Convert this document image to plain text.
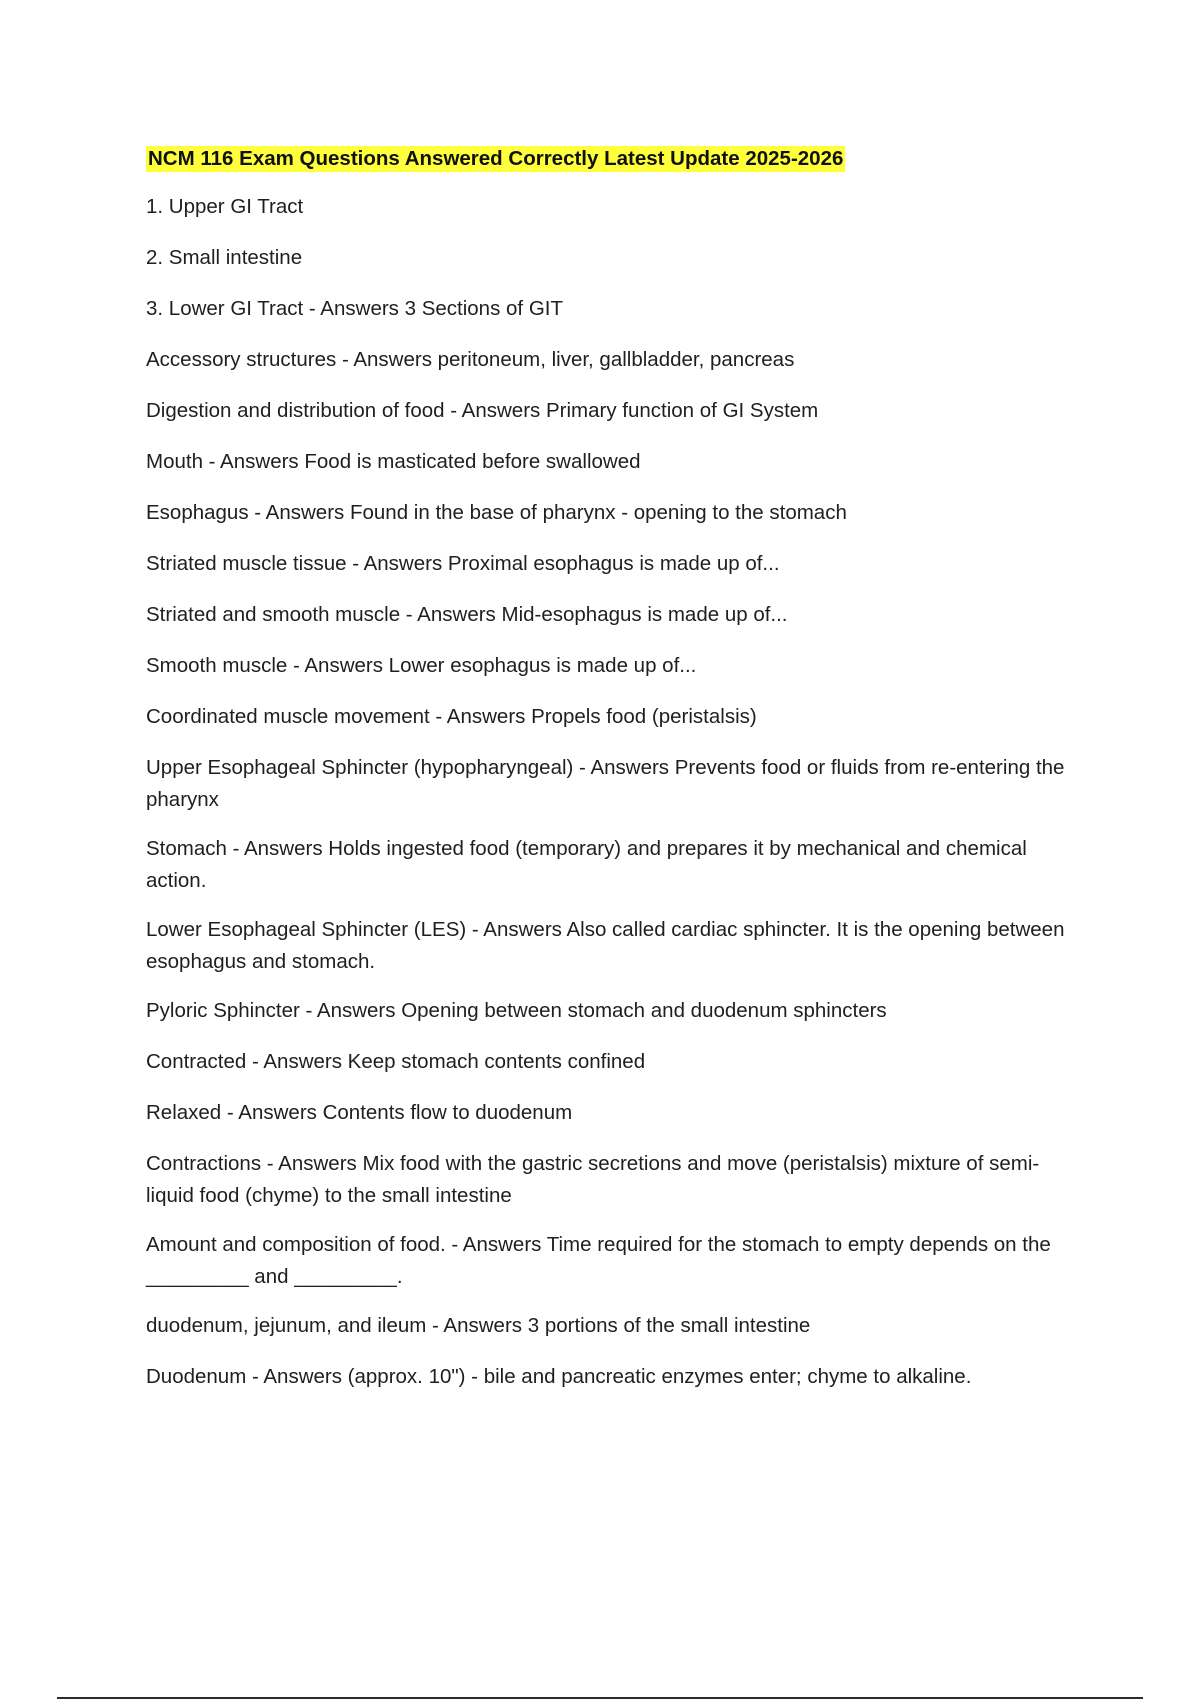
NCM 116 Exam Questions Answered Correctly Latest Update 2025-2026

1. Upper GI Tract

2. Small intestine

3. Lower GI Tract - Answers 3 Sections of GIT

Accessory structures - Answers peritoneum, liver, gallbladder, pancreas

Digestion and distribution of food - Answers Primary function of GI System

Mouth - Answers Food is masticated before swallowed

Esophagus - Answers Found in the base of pharynx - opening to the stomach

Striated muscle tissue - Answers Proximal esophagus is made up of...

Striated and smooth muscle - Answers Mid-esophagus is made up of...

Smooth muscle - Answers Lower esophagus is made up of...

Coordinated muscle movement - Answers Propels food (peristalsis)

Upper Esophageal Sphincter (hypopharyngeal) - Answers Prevents food or fluids from re-entering the pharynx

Stomach - Answers Holds ingested food (temporary) and prepares it by mechanical and chemical action.

Lower Esophageal Sphincter (LES) - Answers Also called cardiac sphincter. It is the opening between esophagus and stomach.

Pyloric Sphincter - Answers Opening between stomach and duodenum sphincters

Contracted - Answers Keep stomach contents confined

Relaxed - Answers Contents flow to duodenum

Contractions - Answers Mix food with the gastric secretions and move (peristalsis) mixture of semi-liquid food (chyme) to the small intestine

Amount and composition of food. - Answers Time required for the stomach to empty depends on the _________ and _________.

duodenum, jejunum, and ileum - Answers 3 portions of the small intestine

Duodenum - Answers (approx. 10") - bile and pancreatic enzymes enter; chyme to alkaline.
